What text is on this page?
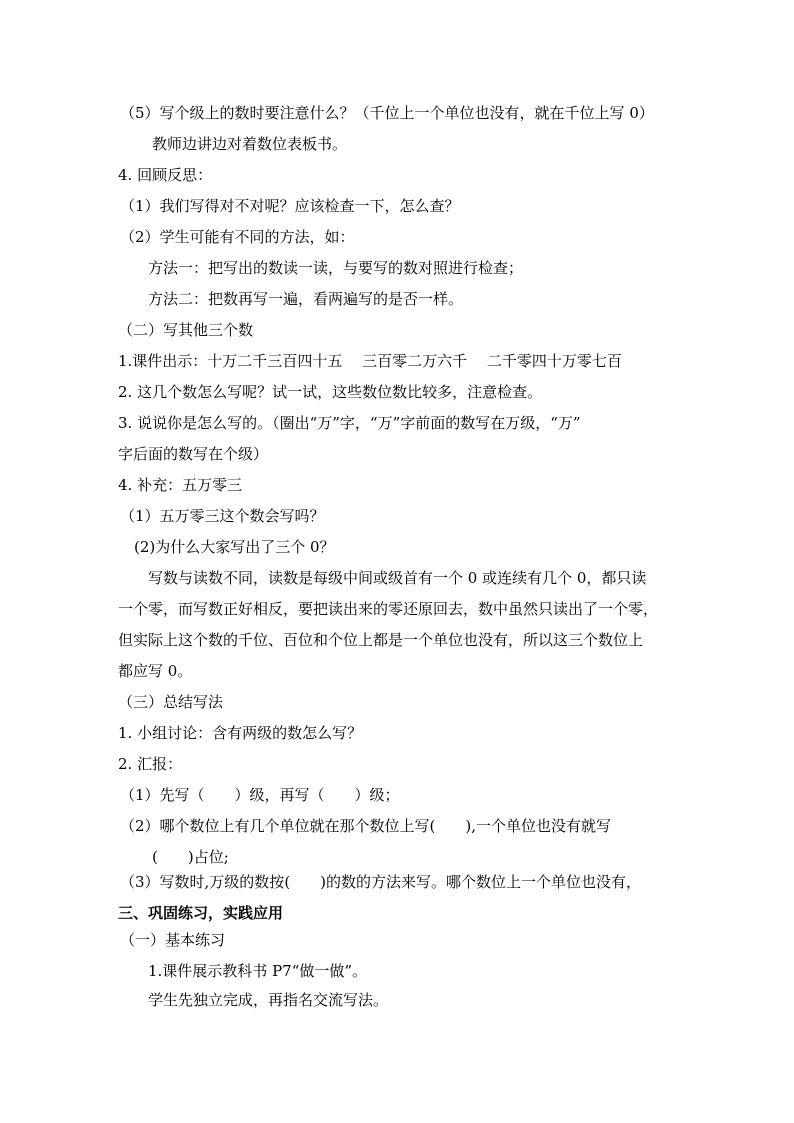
（5）写个级上的数时要注意什么？（千位上一个单位也没有，就在千位上写 0）
教师边讲边对着数位表板书。
4. 回顾反思：
（1）我们写得对不对呢？应该检查一下，怎么查？
（2）学生可能有不同的方法，如：
方法一：把写出的数读一读，与要写的数对照进行检查；
方法二：把数再写一遍，看两遍写的是否一样。
（二）写其他三个数
1.课件出示：十万二千三百四十五　 三百零二万六千　 二千零四十万零七百
2. 这几个数怎么写呢？试一试，这些数位数比较多，注意检查。
3. 说说你是怎么写的。（圈出“万”字，“万”字前面的数写在万级，“万”
字后面的数写在个级）
4. 补充：五万零三
（1）五万零三这个数会写吗？
(2)为什么大家写出了三个 0？
写数与读数不同，读数是每级中间或级首有一个 0 或连续有几个 0，都只读
一个零，而写数正好相反，要把读出来的零还原回去，数中虽然只读出了一个零，
但实际上这个数的千位、百位和个位上都是一个单位也没有，所以这三个数位上
都应写 0。
（三）总结写法
1. 小组讨论：含有两级的数怎么写？
2. 汇报：
（1）先写（　　）级，再写（　　）级；
（2）哪个数位上有几个单位就在那个数位上写(　　),一个单位也没有就写
(　　)占位;
（3）写数时,万级的数按(　　)的数的方法来写。哪个数位上一个单位也没有，
三、巩固练习，实践应用
（一）基本练习
1.课件展示教科书 P7“做一做”。
学生先独立完成，再指名交流写法。
